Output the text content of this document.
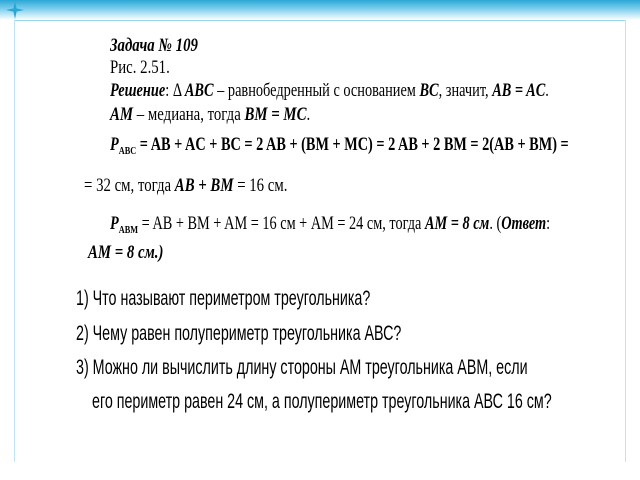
Задача № 109
Рис. 2.51.
Решение: Δ ABC – равнобедренный с основанием BC, значит, AB = AC.
AM – медиана, тогда BM = MC.
$P_{ABC}$ = AB + AC + BC = 2 AB + (BM + MC) = 2 AB + 2 BM = 2(AB + BM) =
= 32 см, тогда AB + BM = 16 см.
$P_{ABM}$ = AB + BM + AM = 16 см + AM = 24 см, тогда AM = 8 см. (Ответ:
AM = 8 см.)
1) Что называют периметром треугольника?
2) Чему равен полупериметр треугольника АВС?
3) Можно ли вычислить длину стороны АМ треугольника АВМ, если
его периметр равен 24 см, а полупериметр треугольника АВС 16 см?
